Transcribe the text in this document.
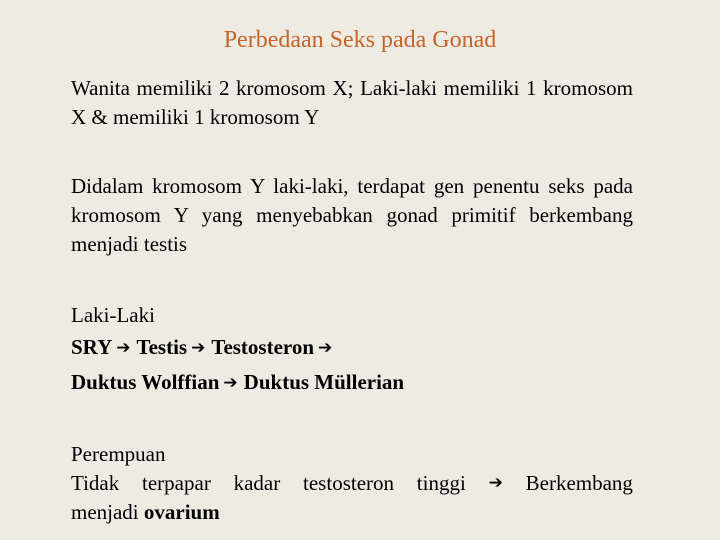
Perbedaan Seks pada Gonad

Wanita memiliki 2 kromosom X; Laki-laki memiliki 1 kromosom X & memiliki 1 kromosom Y

Didalam kromosom Y laki-laki, terdapat gen penentu seks pada kromosom Y yang menyebabkan gonad primitif berkembang menjadi testis

Laki-Laki
SRY ➔ Testis ➔ Testosteron ➔
Duktus Wolffian ➔ Duktus Müllerian
Perempuan
Tidak terpapar kadar testosteron tinggi ➔ Berkembang
menjadi ovarium
